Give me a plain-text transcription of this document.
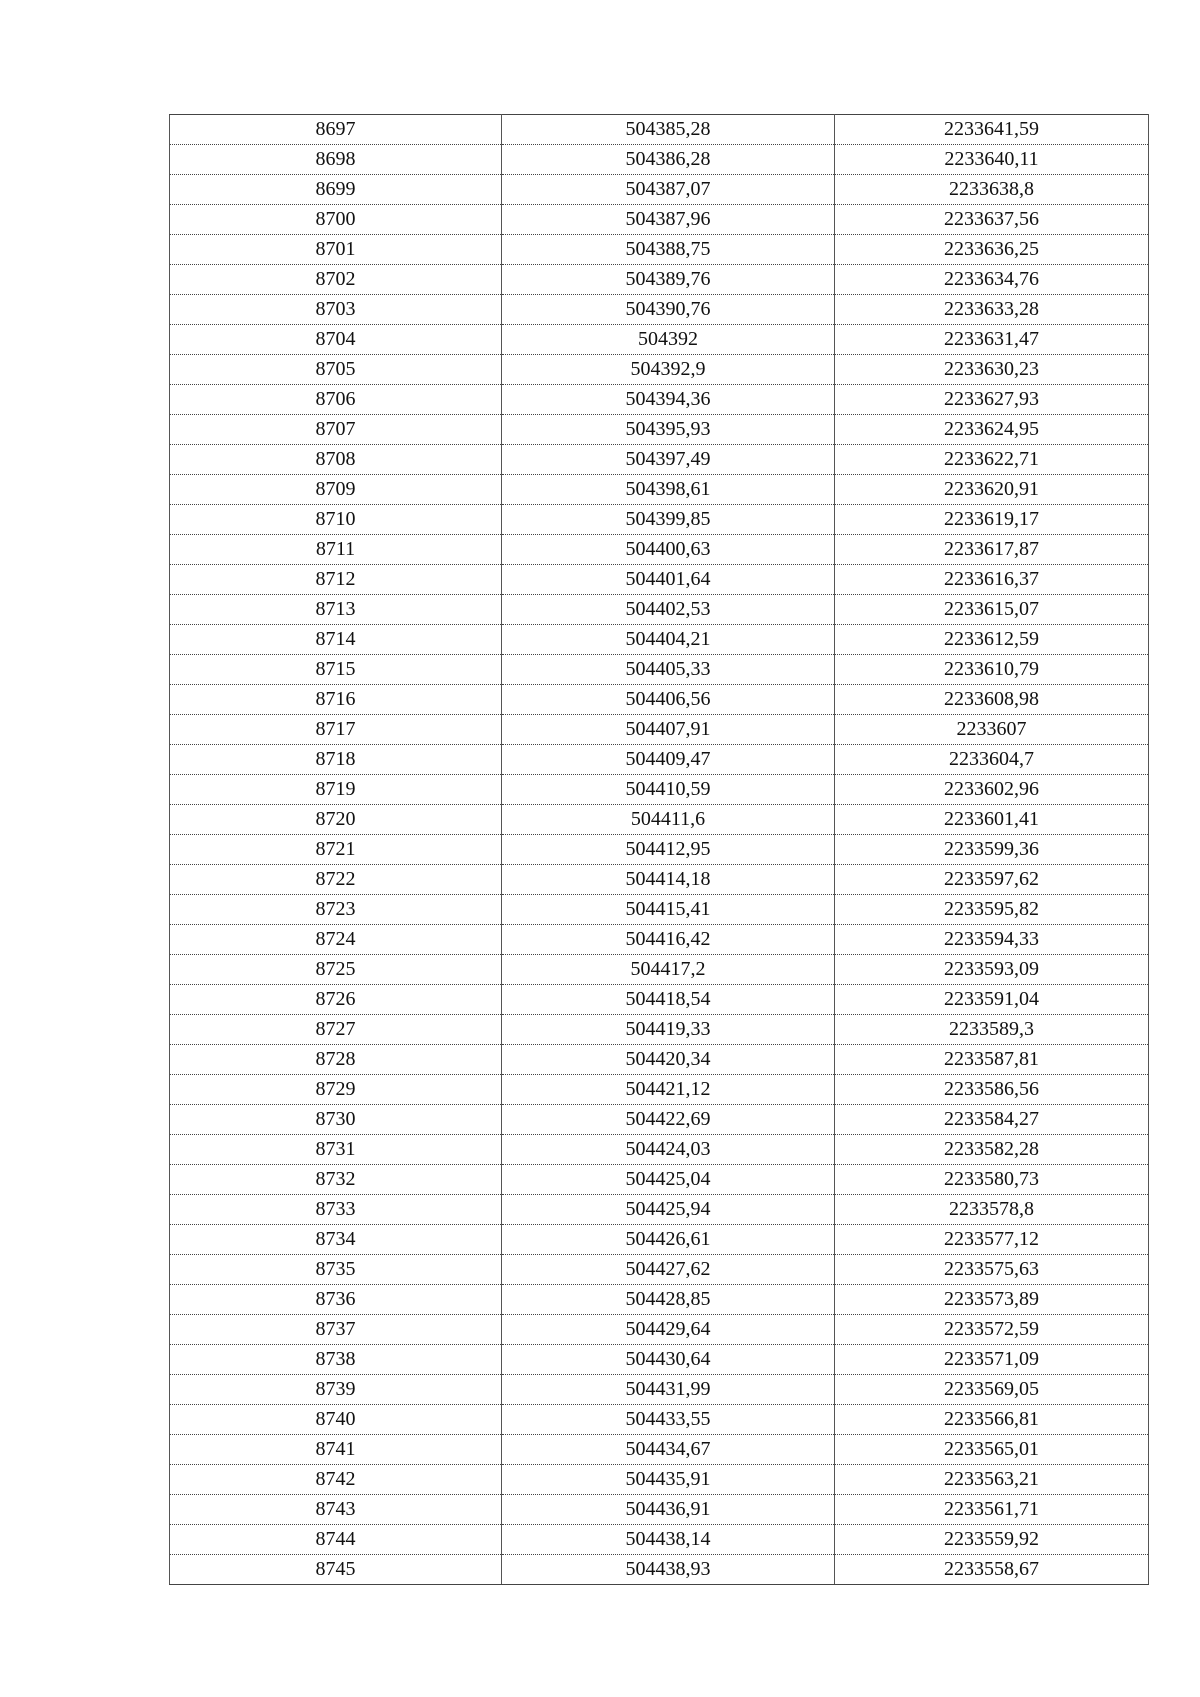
8697	504385,28	2233641,59
8698	504386,28	2233640,11
8699	504387,07	2233638,8
8700	504387,96	2233637,56
8701	504388,75	2233636,25
8702	504389,76	2233634,76
8703	504390,76	2233633,28
8704	504392	2233631,47
8705	504392,9	2233630,23
8706	504394,36	2233627,93
8707	504395,93	2233624,95
8708	504397,49	2233622,71
8709	504398,61	2233620,91
8710	504399,85	2233619,17
8711	504400,63	2233617,87
8712	504401,64	2233616,37
8713	504402,53	2233615,07
8714	504404,21	2233612,59
8715	504405,33	2233610,79
8716	504406,56	2233608,98
8717	504407,91	2233607
8718	504409,47	2233604,7
8719	504410,59	2233602,96
8720	504411,6	2233601,41
8721	504412,95	2233599,36
8722	504414,18	2233597,62
8723	504415,41	2233595,82
8724	504416,42	2233594,33
8725	504417,2	2233593,09
8726	504418,54	2233591,04
8727	504419,33	2233589,3
8728	504420,34	2233587,81
8729	504421,12	2233586,56
8730	504422,69	2233584,27
8731	504424,03	2233582,28
8732	504425,04	2233580,73
8733	504425,94	2233578,8
8734	504426,61	2233577,12
8735	504427,62	2233575,63
8736	504428,85	2233573,89
8737	504429,64	2233572,59
8738	504430,64	2233571,09
8739	504431,99	2233569,05
8740	504433,55	2233566,81
8741	504434,67	2233565,01
8742	504435,91	2233563,21
8743	504436,91	2233561,71
8744	504438,14	2233559,92
8745	504438,93	2233558,67
